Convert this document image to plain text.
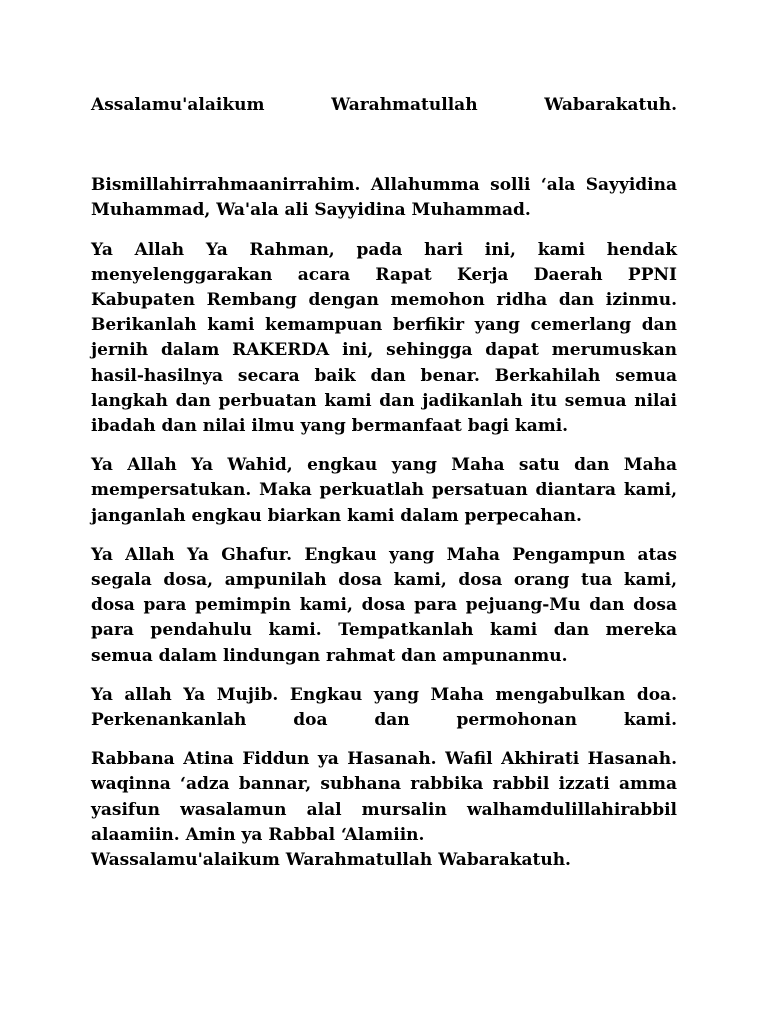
Assalamu'alaikum Warahmatullah Wabarakatuh.

Bismillahirrahmaanirrahim. Allahumma solli ‘ala Sayyidina Muhammad, Wa'ala ali Sayyidina Muhammad.

Ya Allah Ya Rahman, pada hari ini, kami hendak menyelenggarakan acara Rapat Kerja Daerah PPNI Kabupaten Rembang dengan memohon ridha dan izinmu. Berikanlah kami kemampuan berfikir yang cemerlang dan jernih dalam RAKERDA ini, sehingga dapat merumuskan hasil-hasilnya secara baik dan benar. Berkahilah semua langkah dan perbuatan kami dan jadikanlah itu semua nilai ibadah dan nilai ilmu yang bermanfaat bagi kami.

Ya Allah Ya Wahid, engkau yang Maha satu dan Maha mempersatukan. Maka perkuatlah persatuan diantara kami, janganlah engkau biarkan kami dalam perpecahan.

Ya Allah Ya Ghafur. Engkau yang Maha Pengampun atas segala dosa, ampunilah dosa kami, dosa orang tua kami, dosa para pemimpin kami, dosa para pejuang-Mu dan dosa para pendahulu kami. Tempatkanlah kami dan mereka semua dalam lindungan rahmat dan ampunanmu.

Ya allah Ya Mujib. Engkau yang Maha mengabulkan doa. Perkenankanlah doa dan permohonan kami.

Rabbana Atina Fiddun ya Hasanah. Wafil Akhirati Hasanah. waqinna ‘adza bannar, subhana rabbika rabbil izzati amma yasifun wasalamun alal mursalin walhamdulillahirabbil alaamiin. Amin ya Rabbal ‘Alamiin.

Wassalamu'alaikum Warahmatullah Wabarakatuh.
